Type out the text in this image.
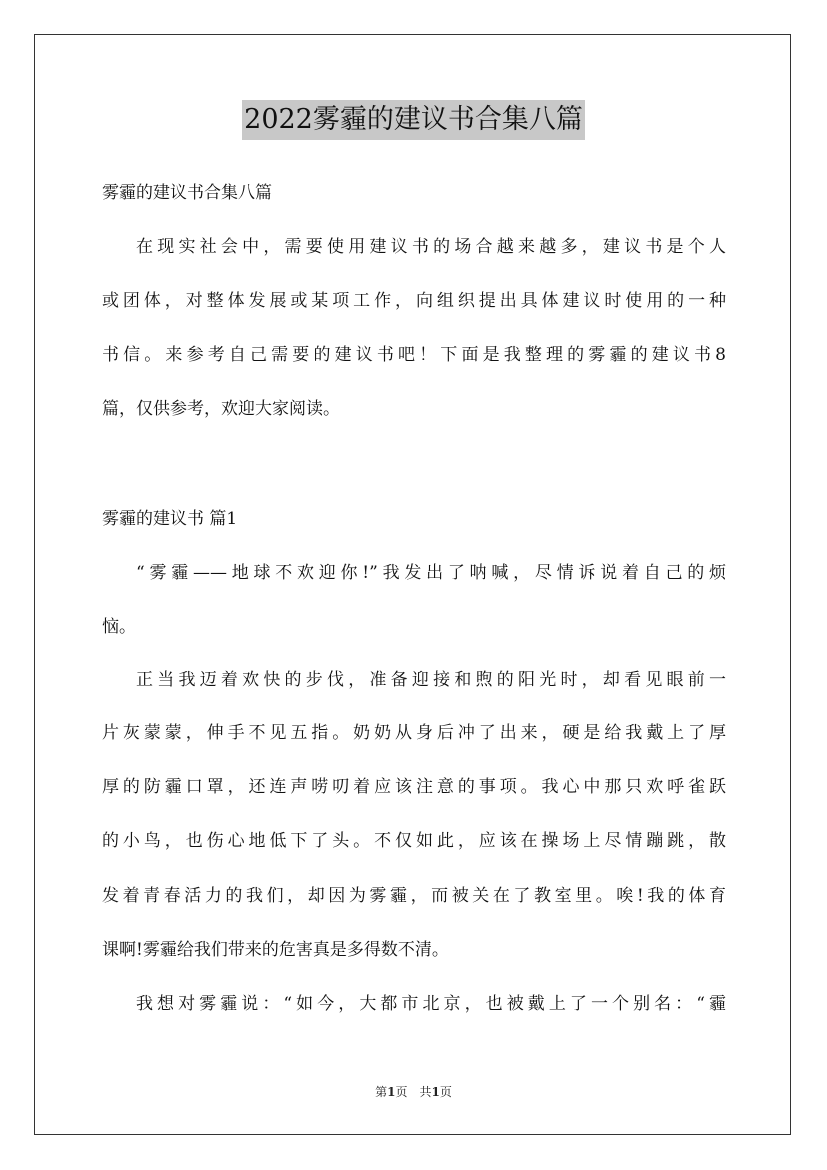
2022雾霾的建议书合集八篇
雾霾的建议书合集八篇
在现实社会中，需要使用建议书的场合越来越多，建议书是个人
或团体，对整体发展或某项工作，向组织提出具体建议时使用的一种
书信。来参考自己需要的建议书吧！下面是我整理的雾霾的建议书8
篇，仅供参考，欢迎大家阅读。
雾霾的建议书 篇1
“雾霾——地球不欢迎你!”我发出了呐喊，尽情诉说着自己的烦
恼。
正当我迈着欢快的步伐，准备迎接和煦的阳光时，却看见眼前一
片灰蒙蒙，伸手不见五指。奶奶从身后冲了出来，硬是给我戴上了厚
厚的防霾口罩，还连声唠叨着应该注意的事项。我心中那只欢呼雀跃
的小鸟，也伤心地低下了头。不仅如此，应该在操场上尽情蹦跳，散
发着青春活力的我们，却因为雾霾，而被关在了教室里。唉!我的体育
课啊!雾霾给我们带来的危害真是多得数不清。
我想对雾霾说：“如今，大都市北京，也被戴上了一个别名：“霾
第1页　共1页
